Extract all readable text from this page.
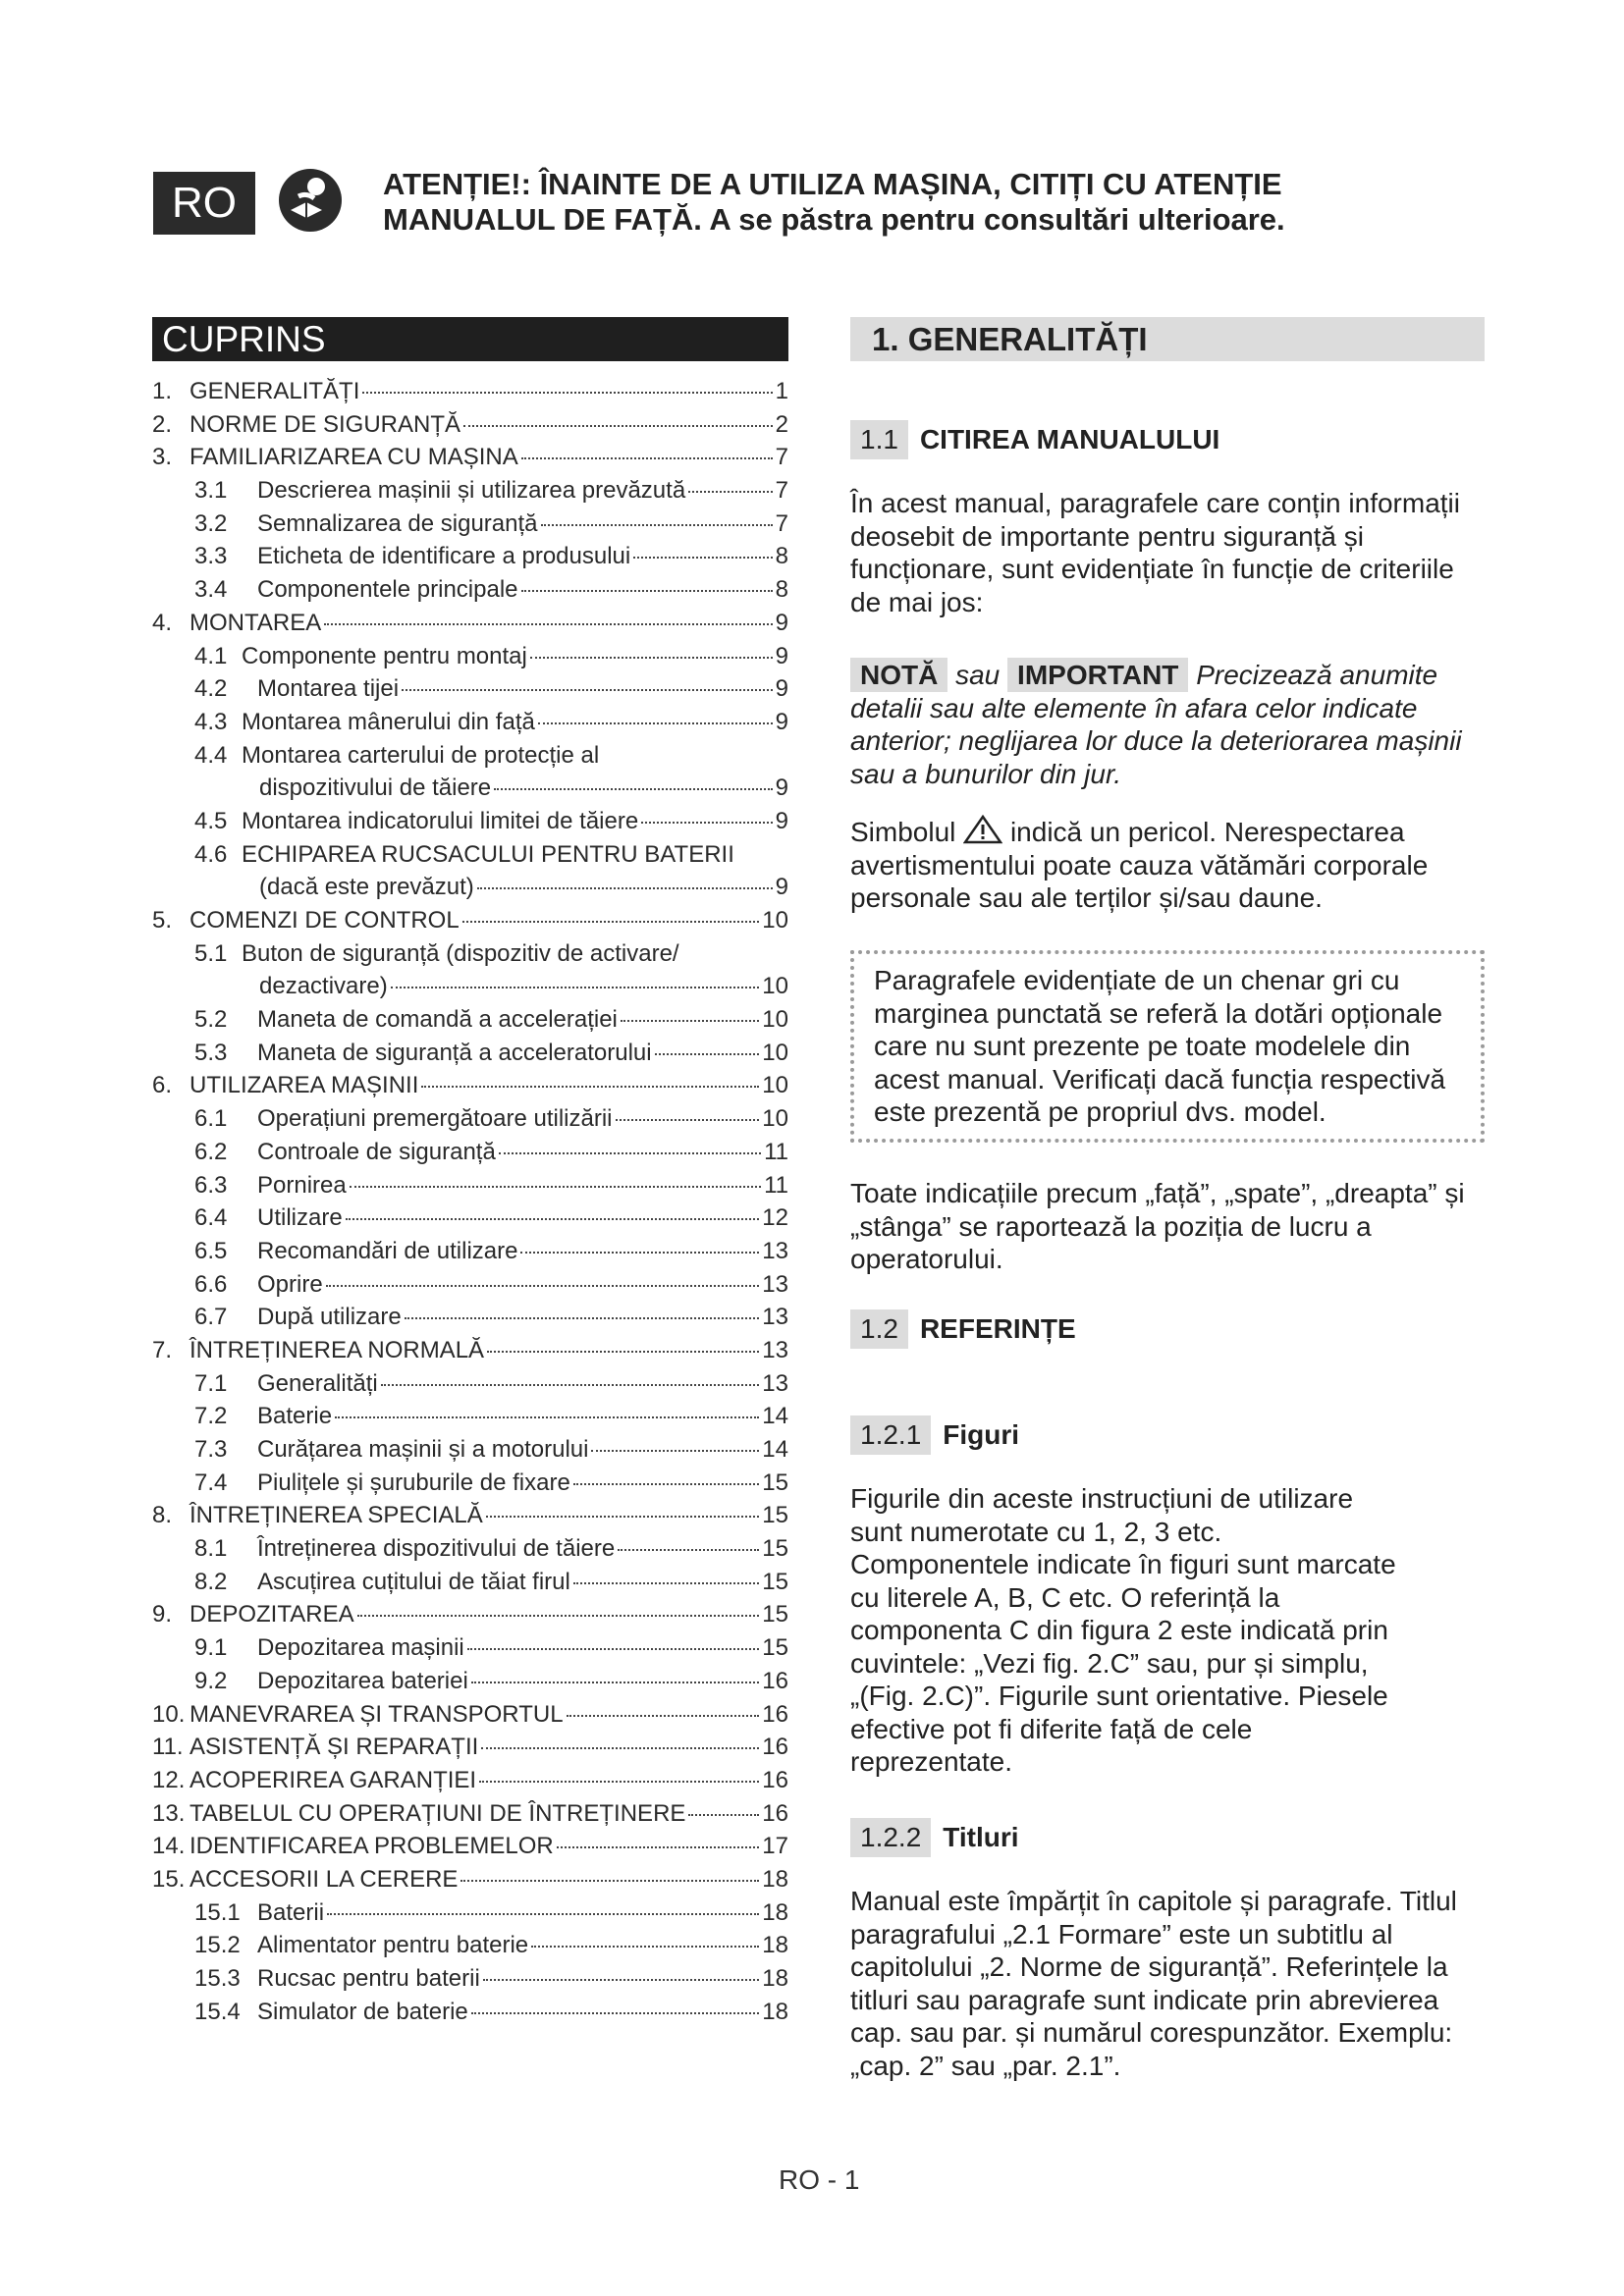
RO	ATENȚIE!: ÎNAINTE DE A UTILIZA MAȘINA, CITIȚI CU ATENȚIE
MANUALUL DE FAȚĂ. A se păstra pentru consultări ulterioare.
CUPRINS
1. GENERALITĂȚI	1
2. NORME DE SIGURANȚĂ	2
3. FAMILIARIZAREA CU MAȘINA	7
3.1	Descrierea mașinii și utilizarea prevăzută	7
3.2	Semnalizarea de siguranță	7
3.3	Eticheta de identificare a produsului	8
3.4	Componentele principale	8
4. MONTAREA	9
4.1 Componente pentru montaj	9
4.2	Montarea tijei	9
4.3 Montarea mânerului din față	9
4.4 Montarea carterului de protecție al
dispozitivului de tăiere	9
4.5 Montarea indicatorului limitei de tăiere	9
4.6 ECHIPAREA RUCSACULUI PENTRU BATERII
(dacă este prevăzut)	9
5. COMENZI DE CONTROL	10
5.1 Buton de siguranță (dispozitiv de activare/
dezactivare)	10
5.2	Maneta de comandă a accelerației	10
5.3	Maneta de siguranță a acceleratorului	10
6. UTILIZAREA MAȘINII	10
6.1	Operațiuni premergătoare utilizării	10
6.2	Controale de siguranță	11
6.3	Pornirea	11
6.4	Utilizare	12
6.5	Recomandări de utilizare	13
6.6	Oprire	13
6.7	După utilizare	13
7. ÎNTREȚINEREA NORMALĂ	13
7.1	Generalități	13
7.2	Baterie	14
7.3	Curățarea mașinii și a motorului	14
7.4	Piulițele și șuruburile de fixare	15
8. ÎNTREȚINEREA SPECIALĂ	15
8.1	Întreținerea dispozitivului de tăiere	15
8.2	Ascuțirea cuțitului de tăiat firul	15
9. DEPOZITAREA	15
9.1	Depozitarea mașinii	15
9.2	Depozitarea bateriei	16
10. MANEVRAREA ȘI TRANSPORTUL	16
11. ASISTENȚĂ ȘI REPARAȚII	16
12. ACOPERIREA GARANȚIEI	16
13. TABELUL CU OPERAȚIUNI DE ÎNTREȚINERE	16
14. IDENTIFICAREA PROBLEMELOR	17
15. ACCESORII LA CERERE	18
15.1 Baterii	18
15.2 Alimentator pentru baterie	18
15.3 Rucsac pentru baterii	18
15.4 Simulator de baterie	18
1. GENERALITĂȚI
1.1 CITIREA MANUALULUI
În acest manual, paragrafele care conțin informații deosebit de importante pentru siguranță și funcționare, sunt evidențiate în funcție de criteriile de mai jos:
NOTĂ sau IMPORTANT Precizează anumite detalii sau alte elemente în afara celor indicate anterior; neglijarea lor duce la deteriorarea mașinii sau a bunurilor din jur.
Simbolul indică un pericol. Nerespectarea avertismentului poate cauza vătămări corporale personale sau ale terților și/sau daune.
Paragrafele evidențiate de un chenar gri cu marginea punctată se referă la dotări opționale care nu sunt prezente pe toate modelele din acest manual. Verificați dacă funcția respectivă este prezentă pe propriul dvs. model.
Toate indicațiile precum „față”, „spate”, „dreapta” și „stânga” se raportează la poziția de lucru a operatorului.
1.2 REFERINȚE
1.2.1 Figuri
Figurile din aceste instrucțiuni de utilizare sunt numerotate cu 1, 2, 3 etc. Componentele indicate în figuri sunt marcate cu literele A, B, C etc. O referință la componenta C din figura 2 este indicată prin cuvintele: „Vezi fig. 2.C” sau, pur și simplu, „(Fig. 2.C)”. Figurile sunt orientative. Piesele efective pot fi diferite față de cele reprezentate.
1.2.2 Titluri
Manual este împărțit în capitole și paragrafe. Titlul paragrafului „2.1 Formare” este un subtitlu al capitolului „2. Norme de siguranță”. Referințele la titluri sau paragrafe sunt indicate prin abrevierea cap. sau par. și numărul corespunzător. Exemplu: „cap. 2” sau „par. 2.1”.
RO - 1
